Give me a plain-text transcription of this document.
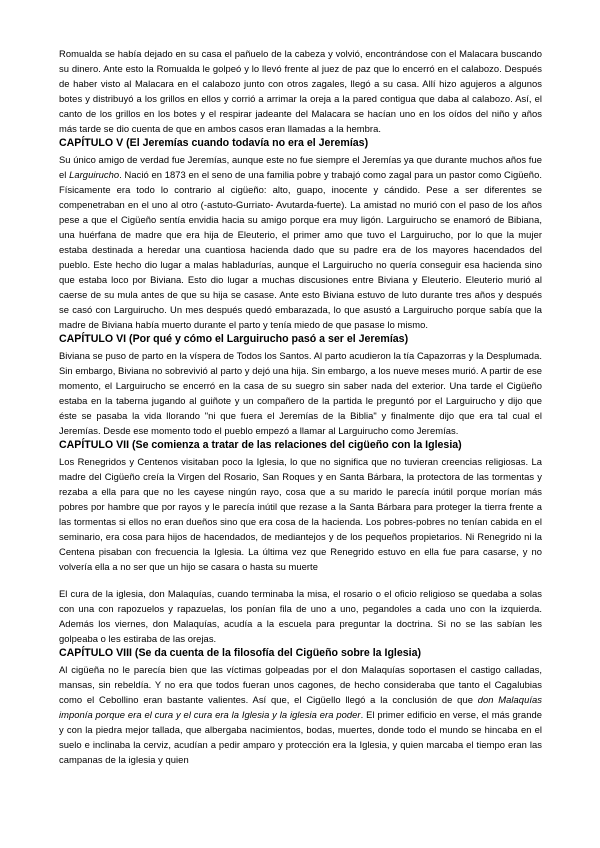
Romualda se había dejado en su casa el pañuelo de la cabeza y volvió, encontrándose con el Malacara buscando su dinero. Ante esto la Romualda le golpeó y lo llevó frente al juez de paz que lo encerró en el calabozo. Después de haber visto al Malacara en el calabozo junto con otros zagales, llegó a su casa. Allí hizo agujeros a algunos botes y distribuyó a los grillos en ellos y corrió a arrimar la oreja a la pared contigua que daba al calabozo. Así, el canto de los grillos en los botes y el respirar jadeante del Malacara se hacían uno en los oídos del niño y años más tarde se dio cuenta de que en ambos casos eran llamadas a la hembra.

CAPÍTULO V (El Jeremías cuando todavía no era el Jeremías)

Su único amigo de verdad fue Jeremías, aunque este no fue siempre el Jeremías ya que durante muchos años fue el Larguirucho. Nació en 1873 en el seno de una familia pobre y trabajó como zagal para un pastor como Cigüeño. Físicamente era todo lo contrario al cigüeño: alto, guapo, inocente y cándido. Pese a ser diferentes se compenetraban en el uno al otro (-astuto-Gurriato- Avutarda-fuerte). La amistad no murió con el paso de los años pese a que el Cigüeño sentía envidia hacia su amigo porque era muy ligón. Larguirucho se enamoró de Bibiana, una huérfana de madre que era hija de Eleuterio, el primer amo que tuvo el Larguirucho, por lo que la mujer estaba destinada a heredar una cuantiosa hacienda dado que su padre era de los mayores hacendados del pueblo. Este hecho dio lugar a malas habladurías, aunque el Larguirucho no quería conseguir esa hacienda sino que estaba loco por Biviana. Esto dio lugar a muchas discusiones entre Biviana y Eleuterio. Eleuterio murió al caerse de su mula antes de que su hija se casase. Ante esto Biviana estuvo de luto durante tres años y después se casó con Larguirucho. Un mes después quedó embarazada, lo que asustó a Larguirucho porque sabía que la madre de Biviana había muerto durante el parto y tenía miedo de que pasase lo mismo.

CAPÍTULO VI (Por qué y cómo el Larguirucho pasó a ser el Jeremías)

Biviana se puso de parto en la víspera de Todos los Santos. Al parto acudieron la tía Capazorras y la Desplumada. Sin embargo, Biviana no sobrevivió al parto y dejó una hija. Sin embargo, a los nueve meses murió. A partir de ese momento, el Larguirucho se encerró en la casa de su suegro sin saber nada del exterior. Una tarde el Cigüeño estaba en la taberna jugando al guiñote y un compañero de la partida le preguntó por el Larguirucho y dijo que éste se pasaba la vida llorando "ni que fuera el Jeremías de la Biblia" y finalmente dijo que era tal cual el Jeremías. Desde ese momento todo el pueblo empezó a llamar al Larguirucho como Jeremías.

CAPÍTULO VII (Se comienza a tratar de las relaciones del cigüeño con la Iglesia)

Los Renegridos y Centenos visitaban poco la Iglesia, lo que no significa que no tuvieran creencias religiosas. La madre del Cigüeño creía la Virgen del Rosario, San Roques y en Santa Bárbara, la protectora de las tormentas y rezaba a ella para que no les cayese ningún rayo, cosa que a su marido le parecía inútil porque morían más pobres por hambre que por rayos y le parecía inútil que rezase a la Santa Bárbara para proteger la tierra frente a las tormentas si ellos no eran dueños sino que era cosa de la hacienda. Los pobres-pobres no tenían cabida en el seminario, era cosa para hijos de hacendados, de mediantejos y de los pequeños propietarios. Ni Renegrido ni la Centena pisaban con frecuencia la Iglesia. La última vez que Renegrido estuvo en ella fue para casarse, y no volvería ella a no ser que un hijo se casara o hasta su muerte

El cura de la iglesia, don Malaquías, cuando terminaba la misa, el rosario o el oficio religioso se quedaba a solas con una con rapozuelos y rapazuelas, los ponían fila de uno a uno, pegandoles a cada uno con la izquierda. Además los viernes, don Malaquías, acudía a la escuela para preguntar la doctrina. Si no se las sabían les golpeaba o les estiraba de las orejas.

CAPÍTULO VIII (Se da cuenta de la filosofía del Cigüeño sobre la Iglesia)

Al cigüeña no le parecía bien que las víctimas golpeadas por el don Malaquías soportasen el castigo calladas, mansas, sin rebeldía. Y no era que todos fueran unos cagones, de hecho consideraba que tanto el Cagalubias como el Cebollino eran bastante valientes. Así que, el Cigüello llegó a la conclusión de que don Malaquías imponía porque era el cura y el cura era la Iglesia y la iglesia era poder. El primer edificio en verse, el más grande y con la piedra mejor tallada, que albergaba nacimientos, bodas, muertes, donde todo el mundo se hincaba en el suelo e inclinaba la cerviz, acudían a pedir amparo y protección era la Iglesia, y quien marcaba el tiempo eran las campanas de la iglesia y quien
